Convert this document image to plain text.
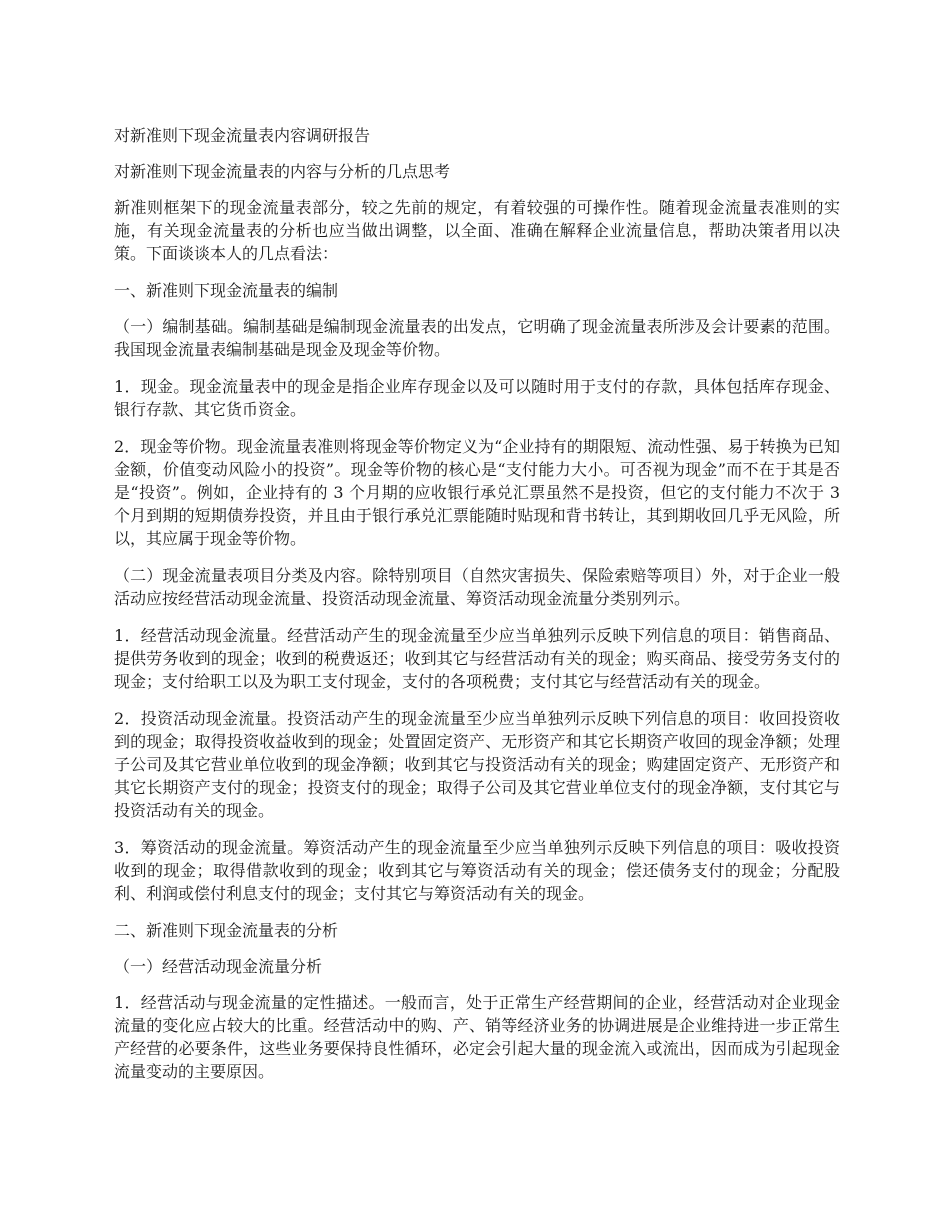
对新准则下现金流量表内容调研报告

对新准则下现金流量表的内容与分析的几点思考

新准则框架下的现金流量表部分，较之先前的规定，有着较强的可操作性。随着现金流量表准则的实施，有关现金流量表的分析也应当做出调整，以全面、准确在解释企业流量信息，帮助决策者用以决策。下面谈谈本人的几点看法：

一、新准则下现金流量表的编制

（一）编制基础。编制基础是编制现金流量表的出发点，它明确了现金流量表所涉及会计要素的范围。我国现金流量表编制基础是现金及现金等价物。

1．现金。现金流量表中的现金是指企业库存现金以及可以随时用于支付的存款，具体包括库存现金、银行存款、其它货币资金。

2．现金等价物。现金流量表准则将现金等价物定义为“企业持有的期限短、流动性强、易于转换为已知金额，价值变动风险小的投资”。现金等价物的核心是“支付能力大小。可否视为现金”而不在于其是否是“投资”。例如，企业持有的 3 个月期的应收银行承兑汇票虽然不是投资，但它的支付能力不次于 3 个月到期的短期债券投资，并且由于银行承兑汇票能随时贴现和背书转让，其到期收回几乎无风险，所以，其应属于现金等价物。

（二）现金流量表项目分类及内容。除特别项目（自然灾害损失、保险索赔等项目）外，对于企业一般活动应按经营活动现金流量、投资活动现金流量、筹资活动现金流量分类别列示。

1．经营活动现金流量。经营活动产生的现金流量至少应当单独列示反映下列信息的项目：销售商品、提供劳务收到的现金；收到的税费返还；收到其它与经营活动有关的现金；购买商品、接受劳务支付的现金；支付给职工以及为职工支付现金，支付的各项税费；支付其它与经营活动有关的现金。

2．投资活动现金流量。投资活动产生的现金流量至少应当单独列示反映下列信息的项目：收回投资收到的现金；取得投资收益收到的现金；处置固定资产、无形资产和其它长期资产收回的现金净额；处理子公司及其它营业单位收到的现金净额；收到其它与投资活动有关的现金；购建固定资产、无形资产和其它长期资产支付的现金；投资支付的现金；取得子公司及其它营业单位支付的现金净额，支付其它与投资活动有关的现金。

3．筹资活动的现金流量。筹资活动产生的现金流量至少应当单独列示反映下列信息的项目：吸收投资收到的现金；取得借款收到的现金；收到其它与筹资活动有关的现金；偿还债务支付的现金；分配股利、利润或偿付利息支付的现金；支付其它与筹资活动有关的现金。

二、新准则下现金流量表的分析

（一）经营活动现金流量分析

1．经营活动与现金流量的定性描述。一般而言，处于正常生产经营期间的企业，经营活动对企业现金流量的变化应占较大的比重。经营活动中的购、产、销等经济业务的协调进展是企业维持进一步正常生产经营的必要条件，这些业务要保持良性循环，必定会引起大量的现金流入或流出，因而成为引起现金流量变动的主要原因。
